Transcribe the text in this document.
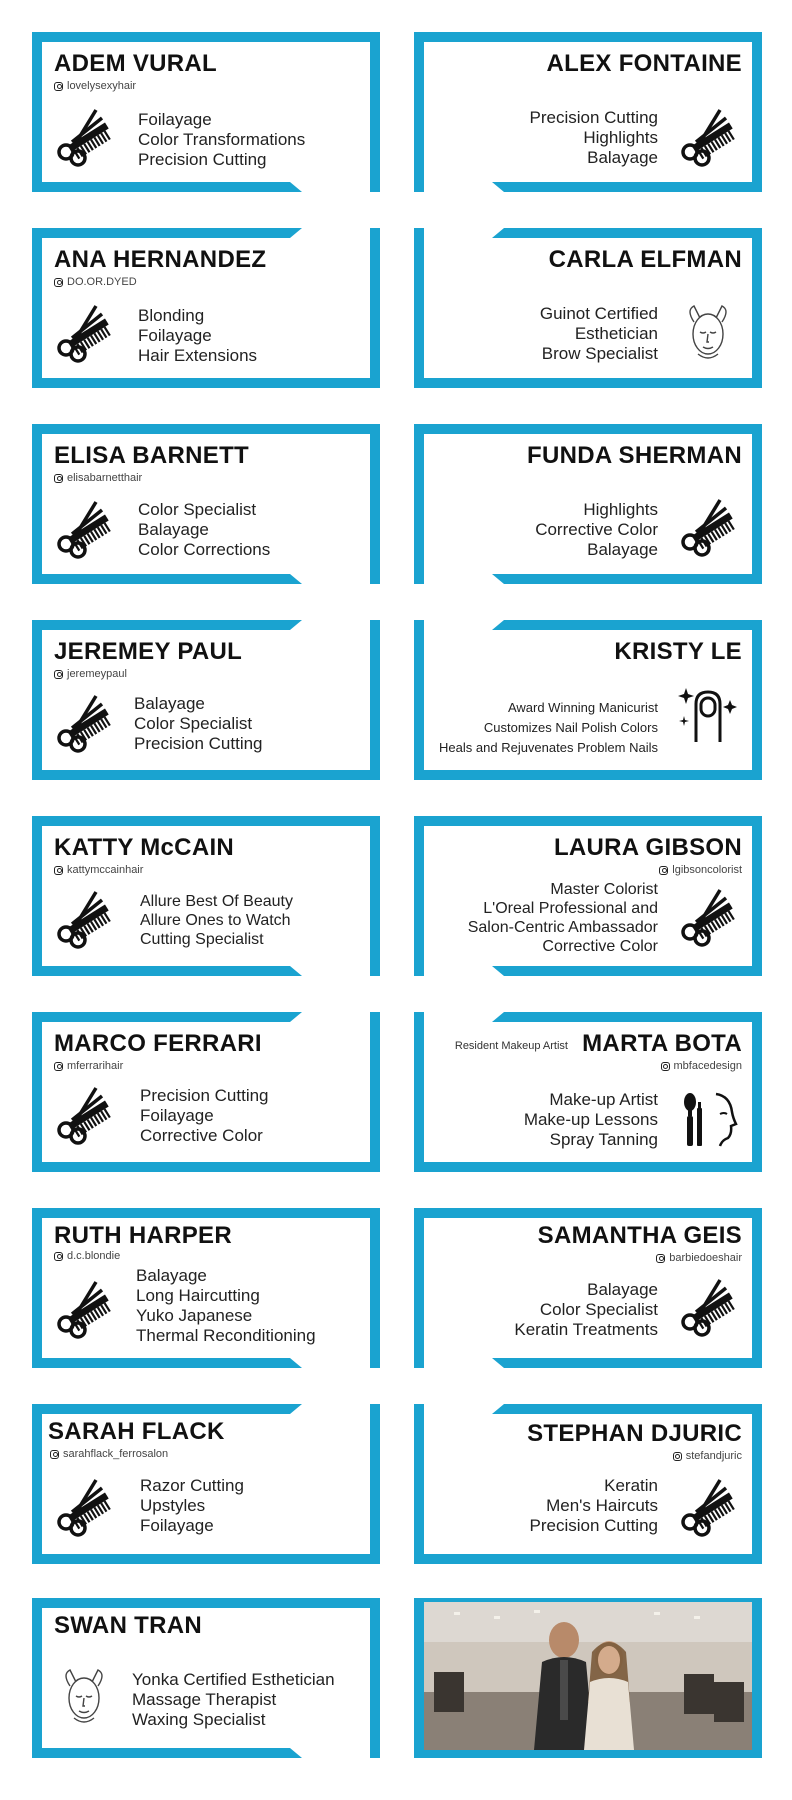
ADEM VURAL
lovelysexyhair
Foilayage
Color Transformations
Precision Cutting
ALEX FONTAINE
Precision Cutting
Highlights
Balayage
ANA HERNANDEZ
DO.OR.DYED
Blonding
Foilayage
Hair Extensions
CARLA ELFMAN
Guinot Certified
Esthetician
Brow Specialist
ELISA BARNETT
elisabarnetthair
Color Specialist
Balayage
Color Corrections
FUNDA SHERMAN
Highlights
Corrective Color
Balayage
JEREMEY PAUL
jeremeypaul
Balayage
Color Specialist
Precision Cutting
KRISTY LE
Award Winning Manicurist
Customizes Nail Polish Colors
Heals and Rejuvenates Problem Nails
KATTY McCAIN
kattymccainhair
Allure Best Of Beauty
Allure Ones to Watch
Cutting Specialist
LAURA GIBSON
lgibsoncolorist
Master Colorist
L'Oreal Professional and
Salon-Centric Ambassador
Corrective Color
MARCO FERRARI
mferrarihair
Precision Cutting
Foilayage
Corrective Color
Resident Makeup Artist MARTA BOTA
mbfacedesign
Make-up Artist
Make-up Lessons
Spray Tanning
RUTH HARPER
d.c.blondie
Balayage
Long Haircutting
Yuko Japanese
Thermal Reconditioning
SAMANTHA GEIS
barbiedoeshair
Balayage
Color Specialist
Keratin Treatments
SARAH FLACK
sarahflack_ferrosalon
Razor Cutting
Upstyles
Foilayage
STEPHAN DJURIC
stefandjuric
Keratin
Men's Haircuts
Precision Cutting
SWAN TRAN
Yonka Certified Esthetician
Massage Therapist
Waxing Specialist
